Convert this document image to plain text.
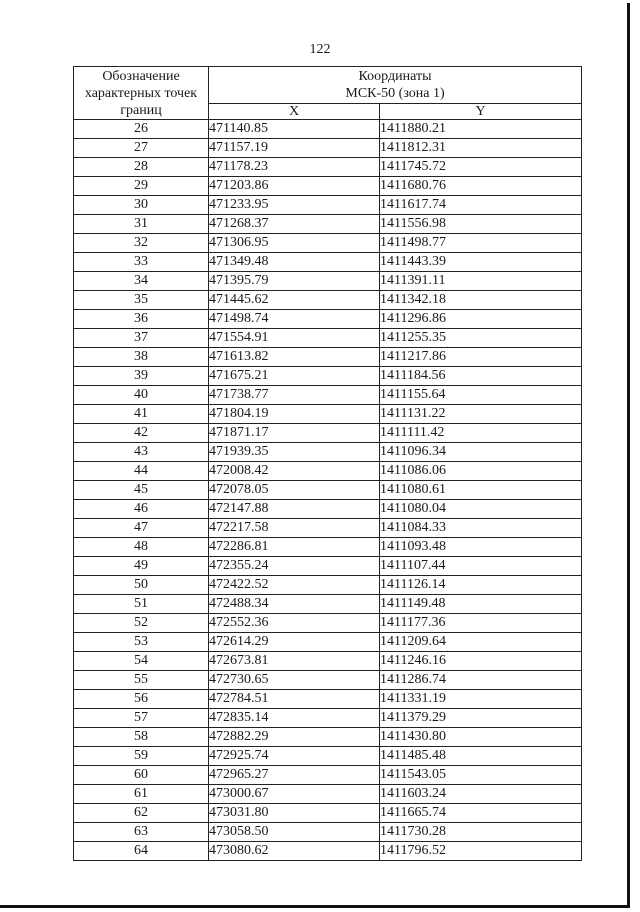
122
Обозначение характерных точек границ	Координаты
МСК-50 (зона 1)	

	X	Y
26	471140.85	1411880.21
27	471157.19	1411812.31
28	471178.23	1411745.72
29	471203.86	1411680.76
30	471233.95	1411617.74
31	471268.37	1411556.98
32	471306.95	1411498.77
33	471349.48	1411443.39
34	471395.79	1411391.11
35	471445.62	1411342.18
36	471498.74	1411296.86
37	471554.91	1411255.35
38	471613.82	1411217.86
39	471675.21	1411184.56
40	471738.77	1411155.64
41	471804.19	1411131.22
42	471871.17	1411111.42
43	471939.35	1411096.34
44	472008.42	1411086.06
45	472078.05	1411080.61
46	472147.88	1411080.04
47	472217.58	1411084.33
48	472286.81	1411093.48
49	472355.24	1411107.44
50	472422.52	1411126.14
51	472488.34	1411149.48
52	472552.36	1411177.36
53	472614.29	1411209.64
54	472673.81	1411246.16
55	472730.65	1411286.74
56	472784.51	1411331.19
57	472835.14	1411379.29
58	472882.29	1411430.80
59	472925.74	1411485.48
60	472965.27	1411543.05
61	473000.67	1411603.24
62	473031.80	1411665.74
63	473058.50	1411730.28
64	473080.62	1411796.52
